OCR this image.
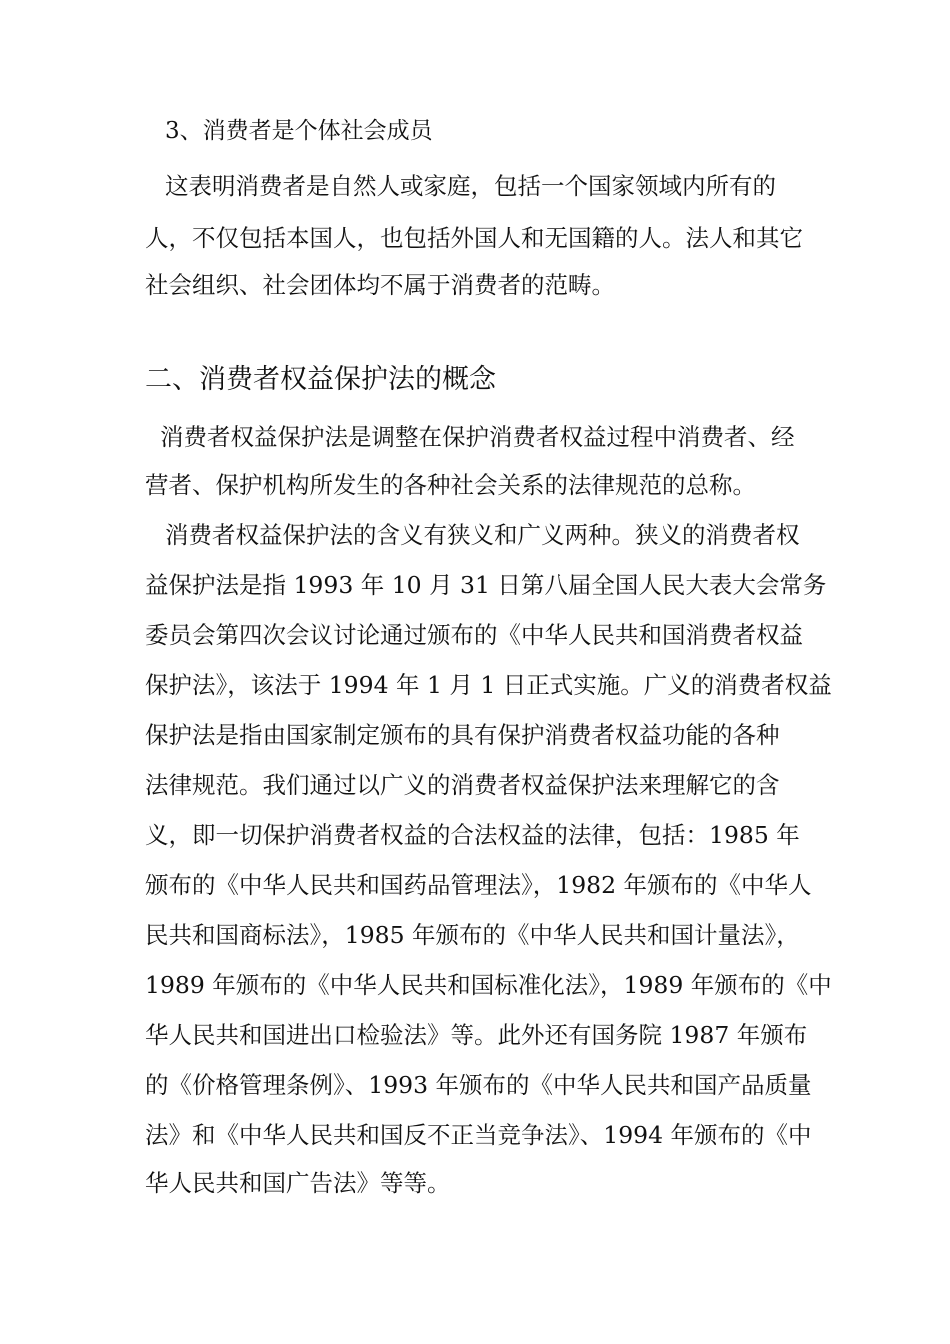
3、消费者是个体社会成员
这表明消费者是自然人或家庭，包括一个国家领域内所有的
人，不仅包括本国人，也包括外国人和无国籍的人。法人和其它
社会组织、社会团体均不属于消费者的范畴。
二、消费者权益保护法的概念
消费者权益保护法是调整在保护消费者权益过程中消费者、经
营者、保护机构所发生的各种社会关系的法律规范的总称。
消费者权益保护法的含义有狭义和广义两种。狭义的消费者权
益保护法是指 1993 年 10 月 31 日第八届全国人民大表大会常务
委员会第四次会议讨论通过颁布的《中华人民共和国消费者权益
保护法》，该法于 1994 年 1 月 1 日正式实施。广义的消费者权益
保护法是指由国家制定颁布的具有保护消费者权益功能的各种
法律规范。我们通过以广义的消费者权益保护法来理解它的含
义，即一切保护消费者权益的合法权益的法律，包括：1985 年
颁布的《中华人民共和国药品管理法》，1982 年颁布的《中华人
民共和国商标法》，1985 年颁布的《中华人民共和国计量法》，
1989 年颁布的《中华人民共和国标准化法》，1989 年颁布的《中
华人民共和国进出口检验法》等。此外还有国务院 1987 年颁布
的《价格管理条例》、1993 年颁布的《中华人民共和国产品质量
法》和《中华人民共和国反不正当竞争法》、1994 年颁布的《中
华人民共和国广告法》等等。
